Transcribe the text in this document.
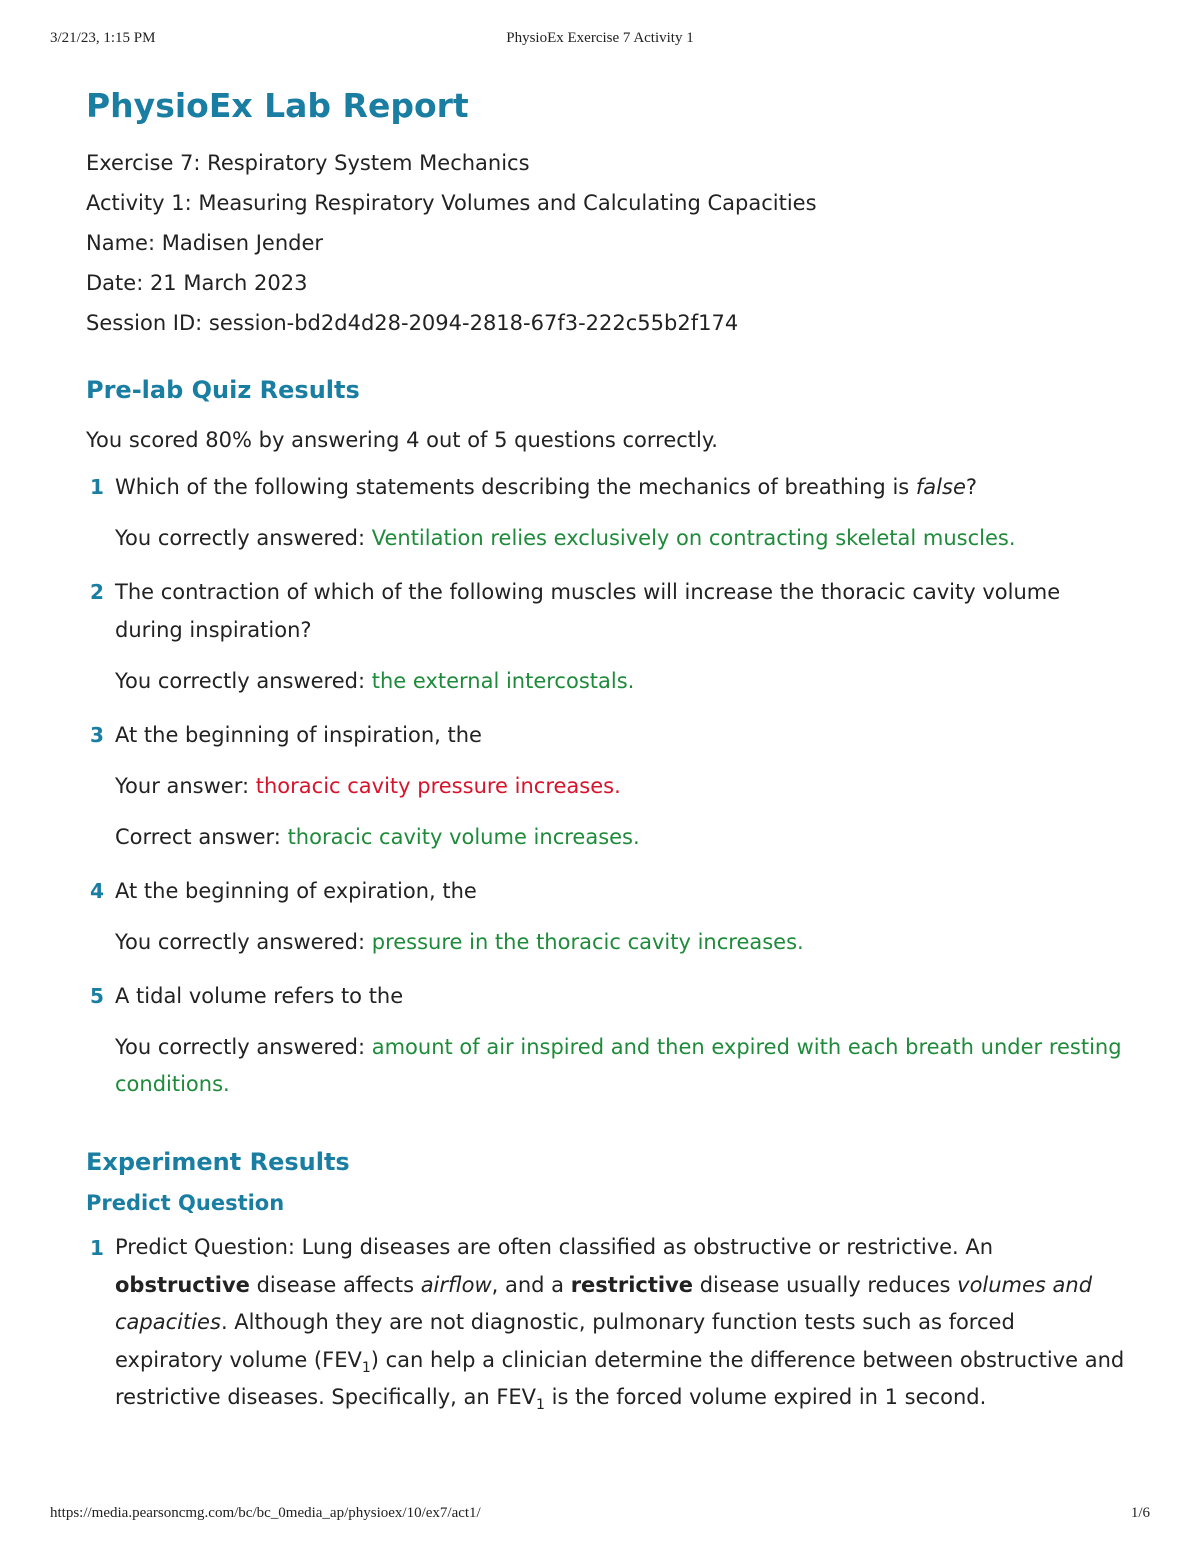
3/21/23, 1:15 PM	PhysioEx Exercise 7 Activity 1
PhysioEx Lab Report

Exercise 7: Respiratory System Mechanics

Activity 1: Measuring Respiratory Volumes and Calculating Capacities

Name: Madisen Jender

Date: 21 March 2023

Session ID: session-bd2d4d28-2094-2818-67f3-222c55b2f174

Pre-lab Quiz Results

You scored 80% by answering 4 out of 5 questions correctly.

1 Which of the following statements describing the mechanics of breathing is false?

You correctly answered: Ventilation relies exclusively on contracting skeletal muscles.

2 The contraction of which of the following muscles will increase the thoracic cavity volume during inspiration?

You correctly answered: the external intercostals.

3 At the beginning of inspiration, the

Your answer: thoracic cavity pressure increases.

Correct answer: thoracic cavity volume increases.

4 At the beginning of expiration, the

You correctly answered: pressure in the thoracic cavity increases.

5 A tidal volume refers to the

You correctly answered: amount of air inspired and then expired with each breath under resting conditions.

Experiment Results
Predict Question
1 Predict Question: Lung diseases are often classified as obstructive or restrictive. An obstructive disease affects airflow, and a restrictive disease usually reduces volumes and capacities. Although they are not diagnostic, pulmonary function tests such as forced expiratory volume $(FEV_1)$ can help a clinician determine the difference between obstructive and restrictive diseases. Specifically, an $FEV_1$ is the forced volume expired in 1 second.

https://media.pearsoncmg.com/bc/bc_0media_ap/physioex/10/ex7/act1/	1/6
